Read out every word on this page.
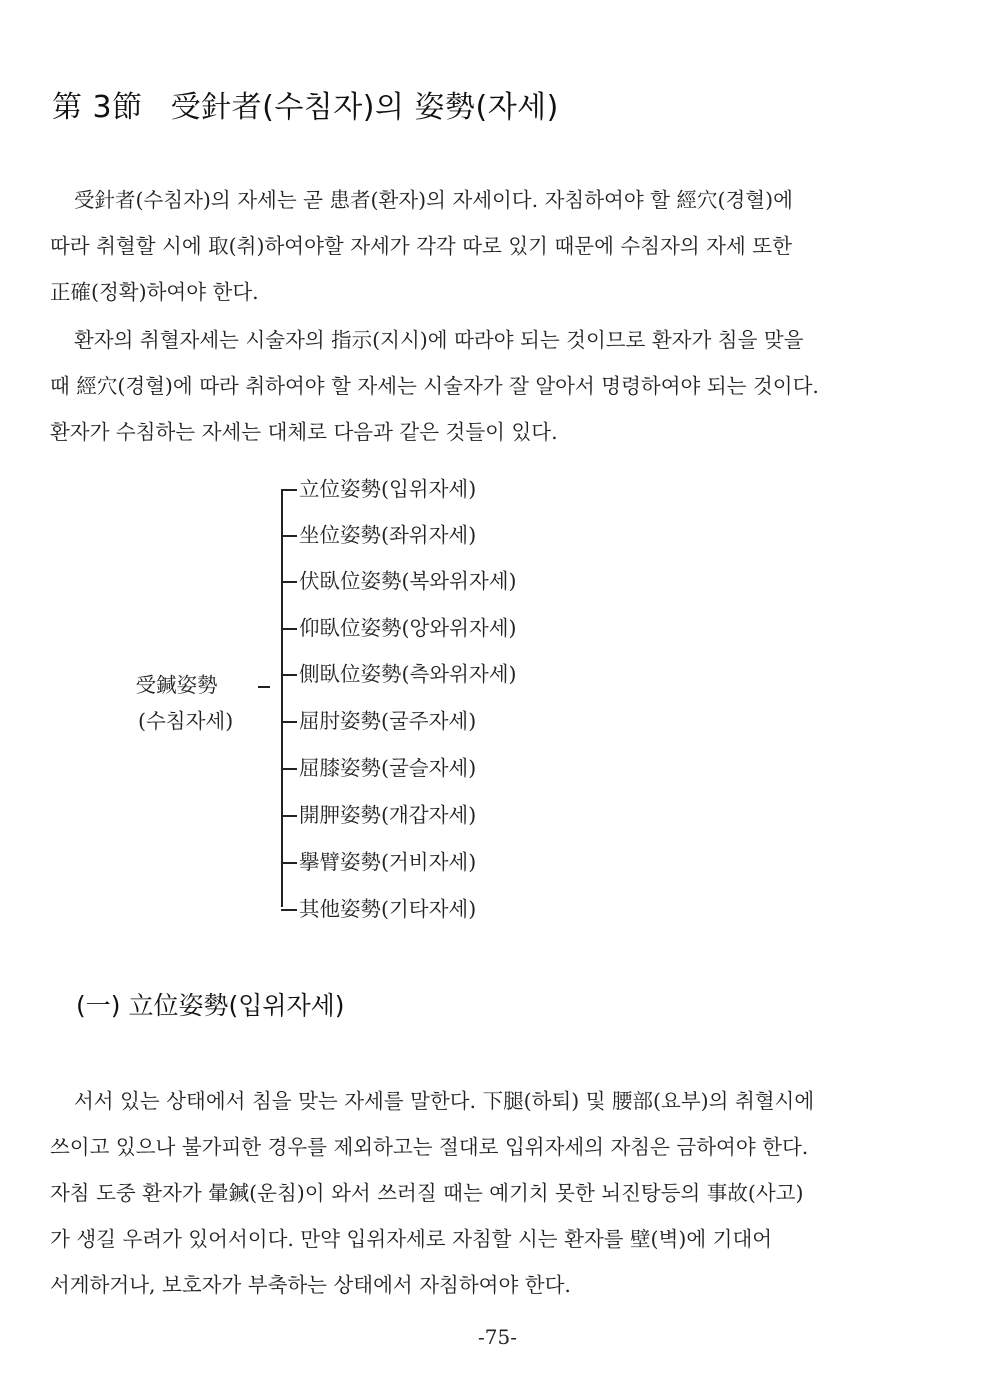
第 3節 受針者(수침자)의 姿勢(자세)
受針者(수침자)의 자세는 곧 患者(환자)의 자세이다. 자침하여야 할 經穴(경혈)에
따라 취혈할 시에 取(취)하여야할 자세가 각각 따로 있기 때문에 수침자의 자세 또한
正確(정확)하여야 한다.
환자의 취혈자세는 시술자의 指示(지시)에 따라야 되는 것이므로 환자가 침을 맞을
때 經穴(경혈)에 따라 취하여야 할 자세는 시술자가 잘 알아서 명령하여야 되는 것이다.
환자가 수침하는 자세는 대체로 다음과 같은 것들이 있다.
受鍼姿勢
(수침자세)
立位姿勢(입위자세)
坐位姿勢(좌위자세)
伏臥位姿勢(복와위자세)
仰臥位姿勢(앙와위자세)
側臥位姿勢(측와위자세)
屈肘姿勢(굴주자세)
屈膝姿勢(굴슬자세)
開胛姿勢(개갑자세)
擧臂姿勢(거비자세)
其他姿勢(기타자세)
(一) 立位姿勢(입위자세)
서서 있는 상태에서 침을 맞는 자세를 말한다. 下腿(하퇴) 및 腰部(요부)의 취혈시에
쓰이고 있으나 불가피한 경우를 제외하고는 절대로 입위자세의 자침은 금하여야 한다.
자침 도중 환자가 暈鍼(운침)이 와서 쓰러질 때는 예기치 못한 뇌진탕등의 事故(사고)
가 생길 우려가 있어서이다. 만약 입위자세로 자침할 시는 환자를 壁(벽)에 기대어
서게하거나, 보호자가 부축하는 상태에서 자침하여야 한다.
-75-
